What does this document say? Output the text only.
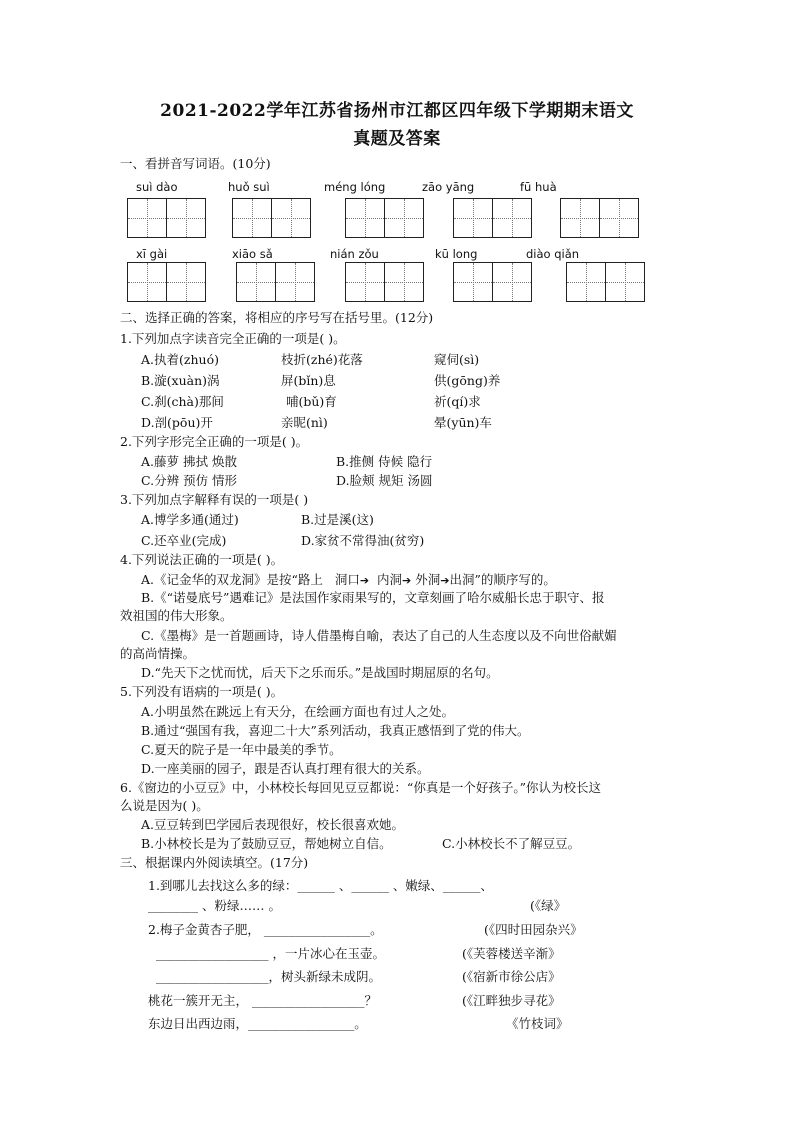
2021-2022学年江苏省扬州市江都区四年级下学期期末语文
真题及答案
一、看拼音写词语。(10分)
suì dào	huǒ suì	méng lóng	zāo yāng	fū huà
xī gài	xiāo sǎ	nián zǒu	kū long	diào qiǎn
二、选择正确的答案，将相应的序号写在括号里。(12分)
1.下列加点字读音完全正确的一项是( )。
A.执着(zhuó)	枝折(zhé)花落	窥伺(sì)
B.漩(xuàn)涡	屏(bǐn)息	供(gōng)养
C.刹(chà)那间	哺(bǔ)育	祈(qí)求
D.剖(pōu)开	亲昵(nì)	晕(yūn)车
2.下列字形完全正确的一项是( )。
A.藤萝 拂拭 焕散	B.推侧 侍候 隐行
C.分辨 预仿 情形	D.脸颊 规矩 汤圆
3.下列加点字解释有误的一项是( )
A.博学多通(通过)	B.过是溪(这)
C.还卒业(完成)	D.家贫不常得油(贫穷)
4.下列说法正确的一项是( )。
A.《记金华的双龙洞》是按“路上 洞口➔ 内洞➔ 外洞➔出洞”的顺序写的。
B.《“诺曼底号”遇难记》是法国作家雨果写的，文章刻画了哈尔威船长忠于职守、报
效祖国的伟大形象。
C.《墨梅》是一首题画诗，诗人借墨梅自喻，表达了自己的人生态度以及不向世俗献媚
的高尚情操。
D.“先天下之忧而忧，后天下之乐而乐。”是战国时期屈原的名句。
5.下列没有语病的一项是( )。
A.小明虽然在跳远上有天分，在绘画方面也有过人之处。
B.通过“强国有我，喜迎二十大”系列活动，我真正感悟到了党的伟大。
C.夏天的院子是一年中最美的季节。
D.一座美丽的园子，跟是否认真打理有很大的关系。
6.《窗边的小豆豆》中，小林校长每回见豆豆都说：“你真是一个好孩子。”你认为校长这
么说是因为( )。
A.豆豆转到巴学园后表现很好，校长很喜欢她。
B.小林校长是为了鼓励豆豆，帮她树立自信。	C.小林校长不了解豆豆。
三、根据课内外阅读填空。(17分)
1.到哪儿去找这么多的绿：______ 、______ 、嫩绿、______、
________ 、粉绿…… 。	(《绿》
2.梅子金黄杏子肥， _________________。	(《四时田园杂兴》
__________________ ，一片冰心在玉壶。	(《芙蓉楼送辛渐》
__________________，树头新绿未成阴。	(《宿新市徐公店》
桃花一簇开无主， __________________？	(《江畔独步寻花》
东边日出西边雨，_________________。	《竹枝词》
